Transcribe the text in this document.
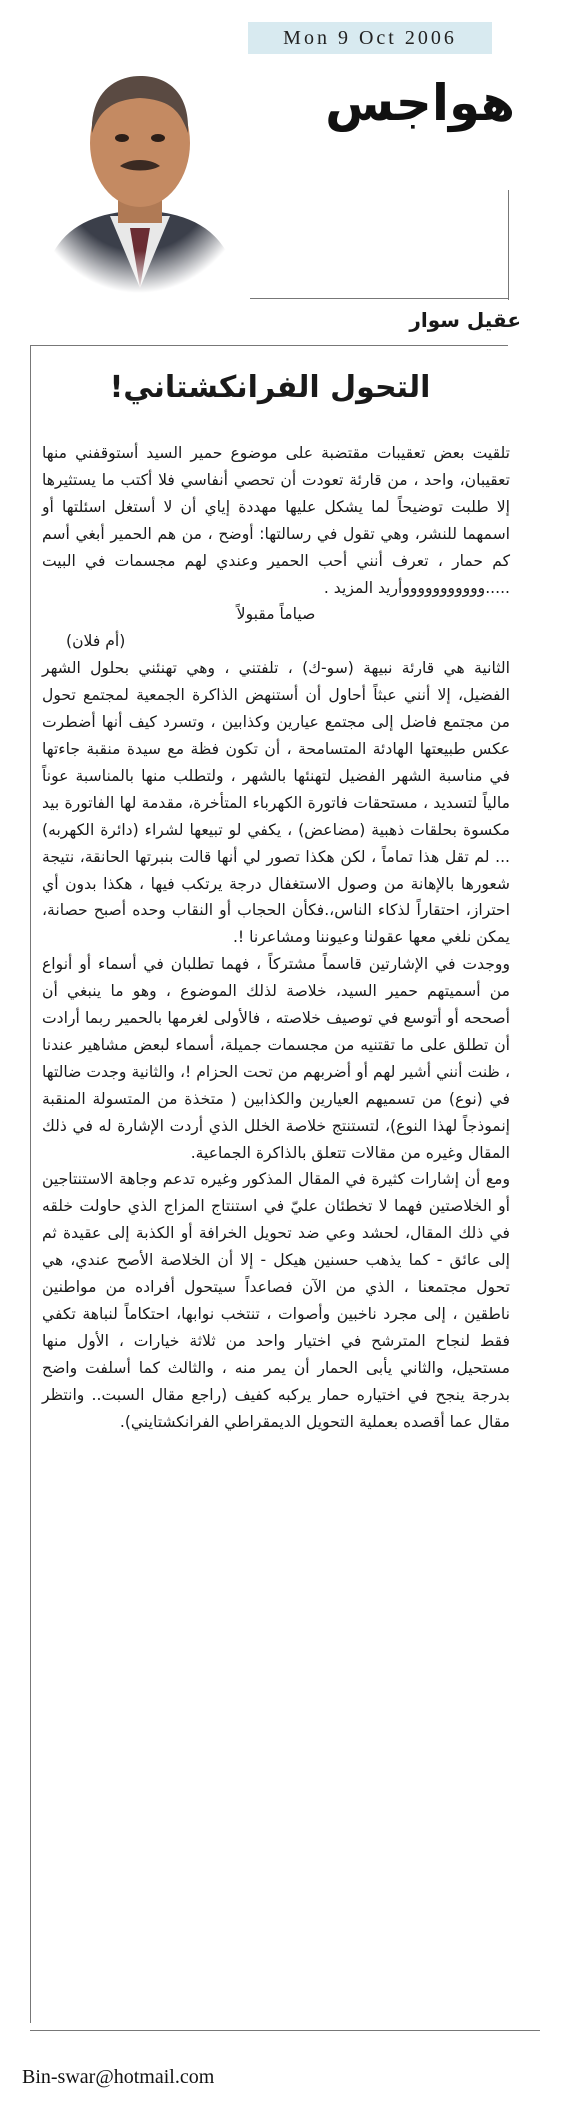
Mon 9 Oct 2006
هواجس
عقيل سوار
التحول الفرانكشتاني!

تلقيت بعض تعقيبات مقتضبة على موضوع حمير السيد أستوقفني منها تعقيبان، واحد ، من قارئة تعودت أن تحصي أنفاسي فلا أكتب ما يستثيرها إلا طلبت توضيحاً لما يشكل عليها مهددة إياي أن لا أستغل اسئلتها أو اسمهما للنشر، وهي تقول في رسالتها: أوضح ، من هم الحمير أبغي أسم كم حمار ، تعرف أنني أحب الحمير وعندي لهم مجسمات في البيت .....وووووووووووأريد المزيد .

صياماً مقبولاً

(أم فلان)

الثانية هي قارئة نبيهة (سو-ك) ، تلفتني ، وهي تهنئني بحلول الشهر الفضيل، إلا أنني عبثاً أحاول أن أستنهض الذاكرة الجمعية لمجتمع تحول من مجتمع فاضل إلى مجتمع عيارين وكذابين ، وتسرد كيف أنها أضطرت عكس طبيعتها الهادئة المتسامحة ، أن تكون فظة مع سيدة منقبة جاءتها في مناسبة الشهر الفضيل لتهنئها بالشهر ، ولتطلب منها بالمناسبة عوناً مالياً لتسديد ، مستحقات فاتورة الكهرباء المتأخرة، مقدمة لها الفاتورة بيد مكسوة بحلقات ذهبية (مضاعض) ، يكفي لو تبيعها لشراء (دائرة الكهربه) ... لم تقل هذا تماماً ، لكن هكذا تصور لي أنها قالت بنبرتها الحانقة، نتيجة شعورها بالإهانة من وصول الاستغفال درجة يرتكب فيها ، هكذا بدون أي احتراز، احتقاراً لذكاء الناس،.فكأن الحجاب أو النقاب وحده أصبح حصانة، يمكن نلغي معها عقولنا وعيوننا ومشاعرنا !.

ووجدت في الإشارتين قاسماً مشتركاً ، فهما تطلبان في أسماء أو أنواع من أسميتهم حمير السيد، خلاصة لذلك الموضوع ، وهو ما ينبغي أن أصححه أو أتوسع في توصيف خلاصته ، فالأولى لغرمها بالحمير ربما أرادت أن تطلق على ما تقتنيه من مجسمات جميلة، أسماء لبعض مشاهير عندنا ، ظنت أنني أشير لهم أو أضربهم من تحت الحزام !، والثانية وجدت ضالتها في (نوع) من تسميهم العيارين والكذابين ( متخذة من المتسولة المنقبة إنموذجاً لهذا النوع)، لتستنتج خلاصة الخلل الذي أردت الإشارة له في ذلك المقال وغيره من مقالات تتعلق بالذاكرة الجماعية.

ومع أن إشارات كثيرة في المقال المذكور وغيره تدعم وجاهة الاستنتاجين أو الخلاصتين فهما لا تخطئان عليّ في استنتاج المزاج الذي حاولت خلقه في ذلك المقال، لحشد وعي ضد تحويل الخرافة أو الكذبة إلى عقيدة ثم إلى عائق - كما يذهب حسنين هيكل - إلا أن الخلاصة الأصح عندي، هي تحول مجتمعنا ، الذي من الآن فصاعداً سيتحول أفراده من مواطنين ناطقين ، إلى مجرد ناخبين وأصوات ، تنتخب نوابها، احتكاماً لنباهة تكفي فقط لنجاح المترشح في اختيار واحد من ثلاثة خيارات ، الأول منها مستحيل، والثاني يأبى الحمار أن يمر منه ، والثالث كما أسلفت واضح بدرجة ينجح في اختياره حمار يركبه كفيف (راجع مقال السبت.. وانتظر مقال عما أقصده بعملية التحويل الديمقراطي الفرانكشتايني).

Bin-swar@hotmail.com
